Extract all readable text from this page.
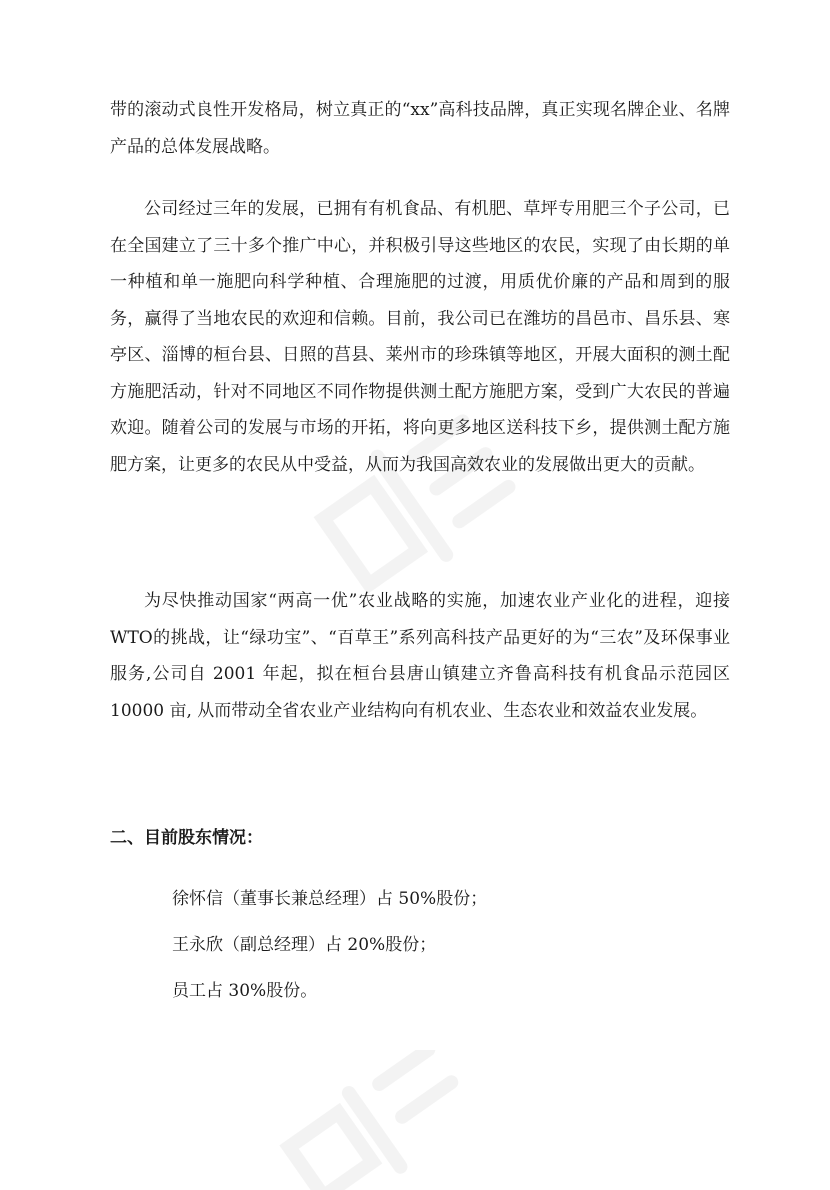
带的滚动式良性开发格局，树立真正的“xx”高科技品牌，真正实现名牌企业、名牌产品的总体发展战略。

公司经过三年的发展，已拥有有机食品、有机肥、草坪专用肥三个子公司，已在全国建立了三十多个推广中心，并积极引导这些地区的农民，实现了由长期的单一种植和单一施肥向科学种植、合理施肥的过渡，用质优价廉的产品和周到的服务，赢得了当地农民的欢迎和信赖。目前，我公司已在潍坊的昌邑市、昌乐县、寒亭区、淄博的桓台县、日照的莒县、莱州市的珍珠镇等地区，开展大面积的测土配方施肥活动，针对不同地区不同作物提供测土配方施肥方案，受到广大农民的普遍欢迎。随着公司的发展与市场的开拓，将向更多地区送科技下乡，提供测土配方施肥方案，让更多的农民从中受益，从而为我国高效农业的发展做出更大的贡献。

为尽快推动国家“两高一优”农业战略的实施，加速农业产业化的进程，迎接WTO的挑战，让“绿功宝”、“百草王”系列高科技产品更好的为“三农”及环保事业服务,公司自 2001 年起，拟在桓台县唐山镇建立齐鲁高科技有机食品示范园区 10000 亩, 从而带动全省农业产业结构向有机农业、生态农业和效益农业发展。

二、目前股东情况：

徐怀信（董事长兼总经理）占 50%股份；

王永欣（副总经理）占 20%股份；

员工占 30%股份。
